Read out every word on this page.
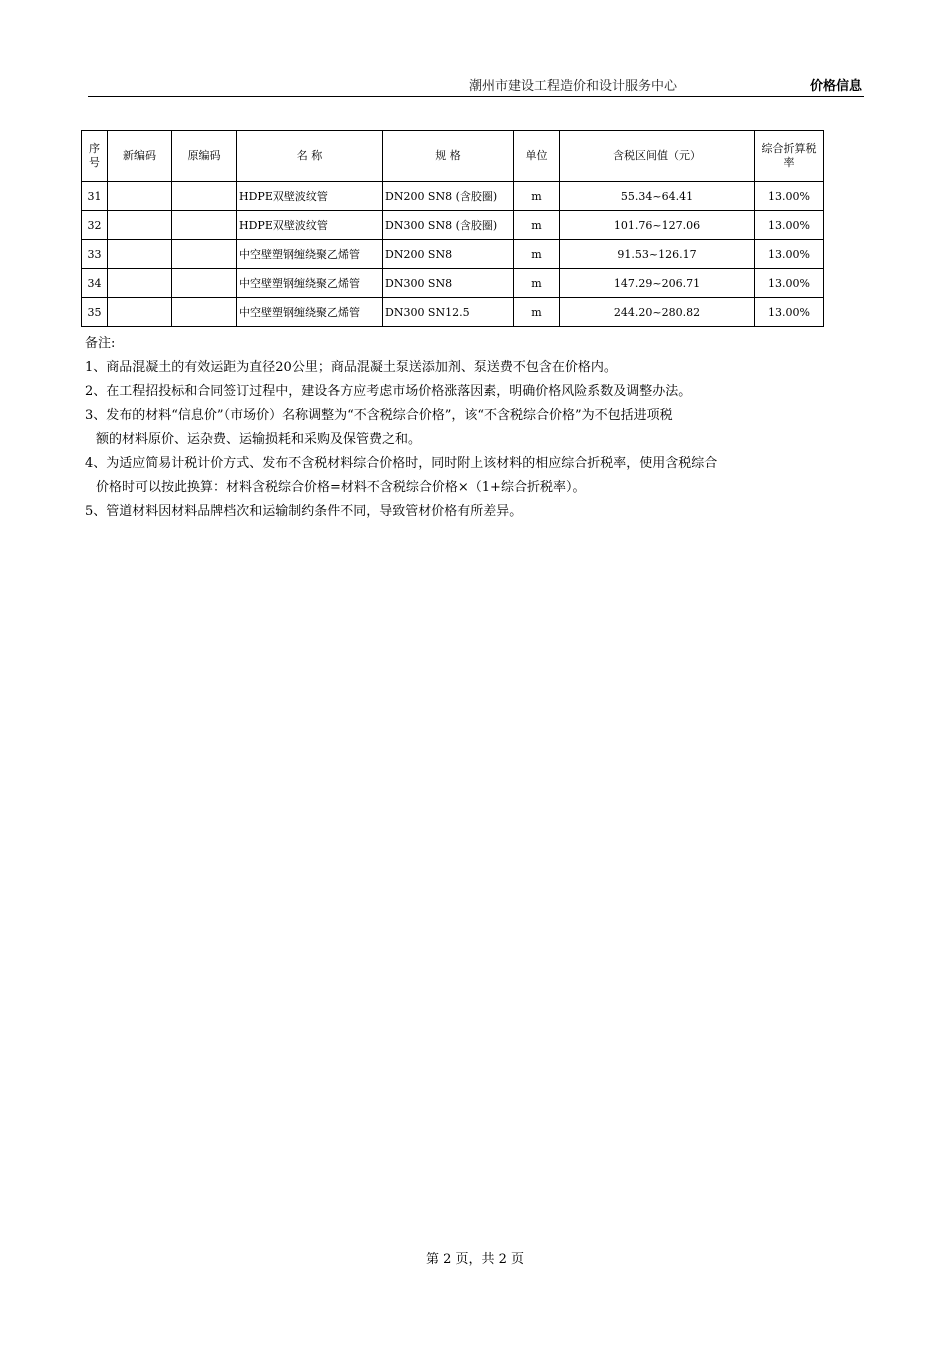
潮州市建设工程造价和设计服务中心	价格信息
序号	新编码	原编码	名 称	规 格	单位	含税区间值（元）	综合折算税率
31			HDPE双壁波纹管	DN200 SN8 (含胶圈)	m	55.34~64.41	13.00%
32			HDPE双壁波纹管	DN300 SN8 (含胶圈)	m	101.76~127.06	13.00%
33			中空壁塑钢缠绕聚乙烯管	DN200 SN8	m	91.53~126.17	13.00%
34			中空壁塑钢缠绕聚乙烯管	DN300 SN8	m	147.29~206.71	13.00%
35			中空壁塑钢缠绕聚乙烯管	DN300 SN12.5	m	244.20~280.82	13.00%
备注:
1、商品混凝土的有效运距为直径20公里；商品混凝土泵送添加剂、泵送费不包含在价格内。
2、在工程招投标和合同签订过程中，建设各方应考虑市场价格涨落因素，明确价格风险系数及调整办法。
3、发布的材料“信息价”（市场价）名称调整为“不含税综合价格”，该“不含税综合价格”为不包括进项税
额的材料原价、运杂费、运输损耗和采购及保管费之和。
4、为适应简易计税计价方式、发布不含税材料综合价格时，同时附上该材料的相应综合折税率，使用含税综合
价格时可以按此换算：材料含税综合价格=材料不含税综合价格×（1+综合折税率）。
5、管道材料因材料品牌档次和运输制约条件不同，导致管材价格有所差异。
第 2 页，共 2 页
